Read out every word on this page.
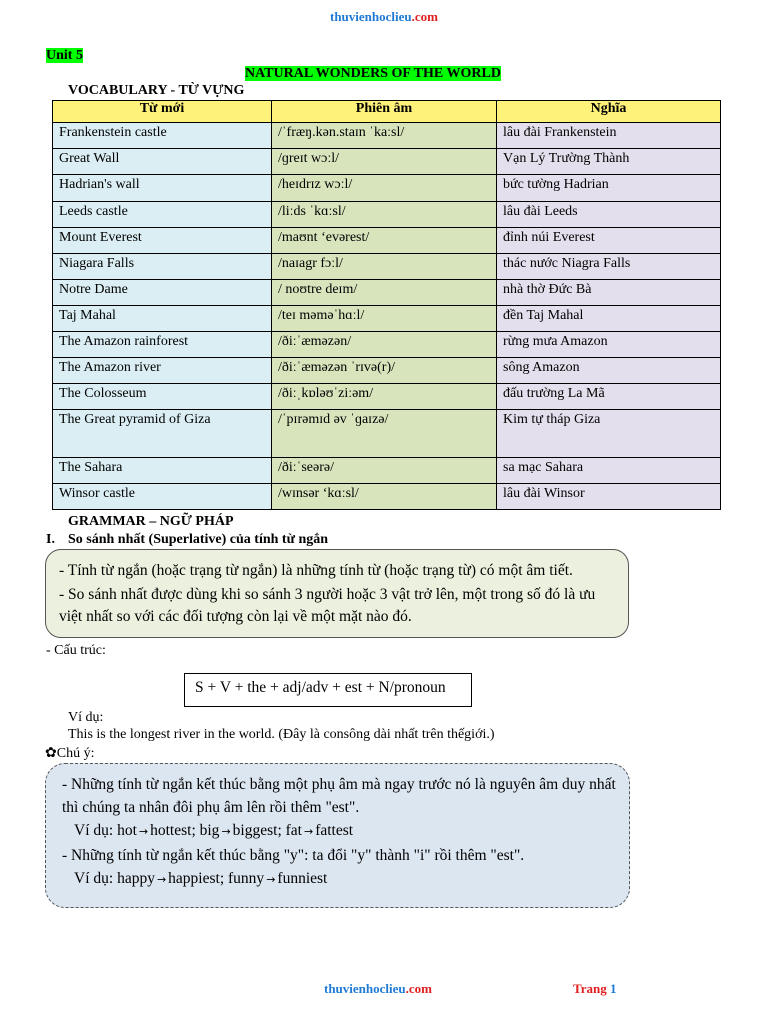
thuvienhoclieu.com
Unit 5
NATURAL WONDERS OF THE WORLD
VOCABULARY - TỪ VỰNG
Từ mới	Phiên âm	Nghĩa
Frankenstein castle	/ˈfræŋ.kən.staɪn ˈkaːsl/	lâu đài Frankenstein
Great Wall	/ɡreɪt wɔːl/	Vạn Lý Trường Thành
Hadrian's wall	/heɪdrɪz wɔːl/	bức tường Hadrian
Leeds castle	/liːds ˈkɑːsl/	lâu đài Leeds
Mount Everest	/maʊnt ‘evərest/	đỉnh núi Everest
Niagara Falls	/naɪagr fɔːl/	thác nước Niagra Falls
Notre Dame	/ noʊtre deɪm/	nhà thờ Đức Bà
Taj Mahal	/teɪ məməˈhɑːl/	đền Taj Mahal
The Amazon rainforest	/ðiːˈæməzən/	rừng mưa Amazon
The Amazon river	/ðiːˈæməzən ˈrɪvə(r)/	sông Amazon
The Colosseum	/ðiːˌkɒləʊˈziːəm/	đấu trường La Mã
The Great pyramid of Giza	/ˈpɪrəmɪd əv ˈɡaɪzə/	Kim tự tháp Giza
The Sahara	/ðiːˈseərə/	sa mạc Sahara
Winsor castle	/wɪnsər ‘kɑːsl/	lâu đài Winsor
GRAMMAR – NGỮ PHÁP
I. So sánh nhất (Superlative) của tính từ ngắn

- Tính từ ngắn (hoặc trạng từ ngắn) là những tính từ (hoặc trạng từ) có một âm tiết.

- So sánh nhất được dùng khi so sánh 3 người hoặc 3 vật trở lên, một trong số đó là ưu việt nhất so với các đối tượng còn lại về một mặt nào đó.

- Cấu trúc:
S + V + the + adj/adv + est + N/pronoun
Ví dụ:
This is the longest river in the world. (Đây là consông dài nhất trên thếgiới.)
✿Chú ý:

- Những tính từ ngắn kết thúc bằng một phụ âm mà ngay trước nó là nguyên âm duy nhất thì chúng ta nhân đôi phụ âm lên rồi thêm "est".

Ví dụ: hot → hottest; big → biggest; fat → fattest

- Những tính từ ngắn kết thúc bằng "y": ta đổi "y" thành "i" rồi thêm "est".

Ví dụ: happy → happiest; funny → funniest

thuvienhoclieu.com	Trang 1
